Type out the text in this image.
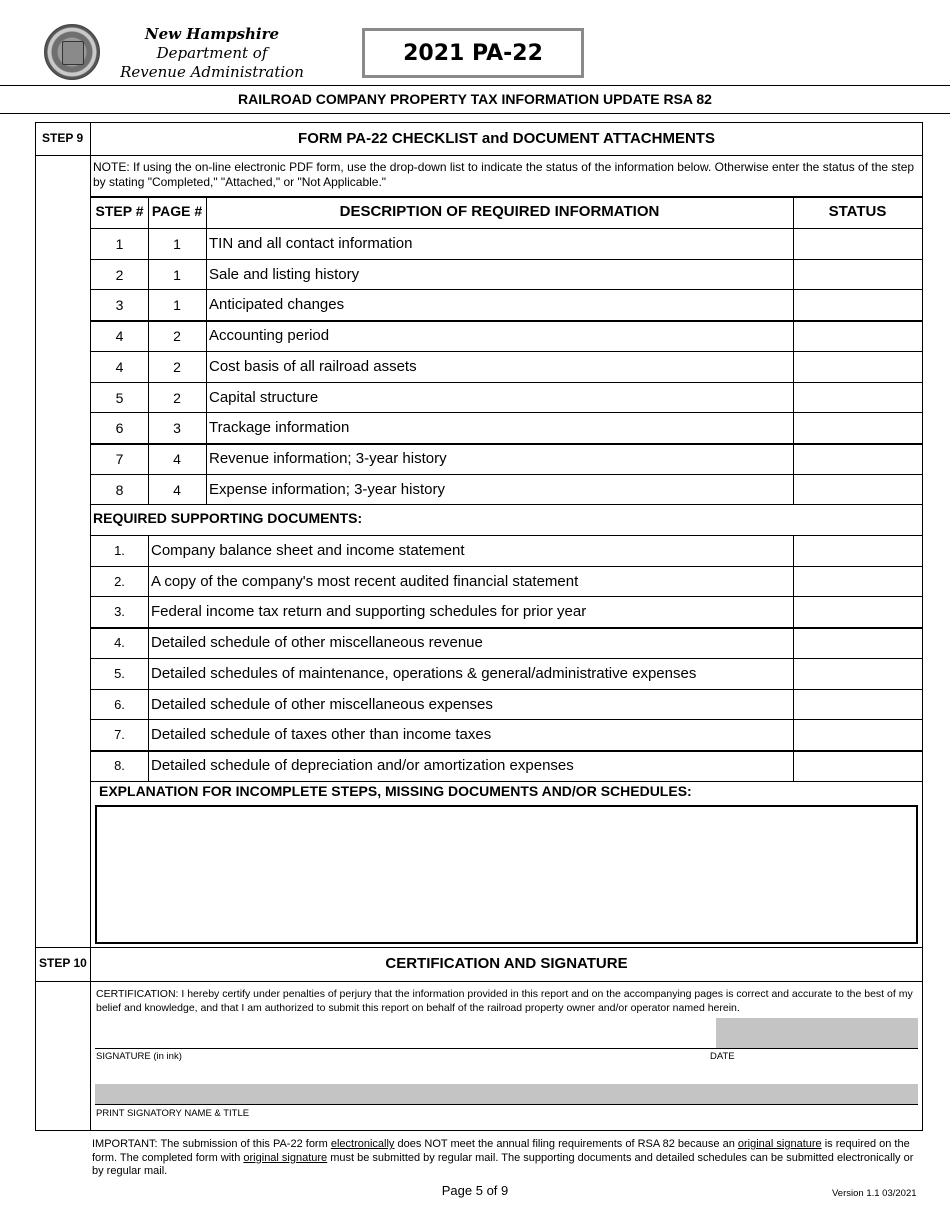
New Hampshire
Department of
Revenue Administration
2021 PA-22
RAILROAD COMPANY PROPERTY TAX INFORMATION UPDATE RSA 82
STEP 9	FORM PA-22 CHECKLIST and DOCUMENT ATTACHMENTS
NOTE: If using the on-line electronic PDF form, use the drop-down list to indicate the status of the information below. Otherwise enter the status of the step by stating "Completed," "Attached," or "Not Applicable."
STEP # PAGE #	DESCRIPTION OF REQUIRED INFORMATION	STATUS
1	1	TIN and all contact information
2	1	Sale and listing history
3	1	Anticipated changes
4	2	Accounting period
4	2	Cost basis of all railroad assets
5	2	Capital structure
6	3	Trackage information
7	4	Revenue information; 3-year history
8	4	Expense information; 3-year history
1.	Company balance sheet and income statement
2.	A copy of the company's most recent audited financial statement
3.	Federal income tax return and supporting schedules for prior year
4.	Detailed schedule of other miscellaneous revenue
5.	Detailed schedules of maintenance, operations & general/administrative expenses
6.	Detailed schedule of other miscellaneous expenses
7.	Detailed schedule of taxes other than income taxes
8.	Detailed schedule of depreciation and/or amortization expenses
REQUIRED SUPPORTING DOCUMENTS:
EXPLANATION FOR INCOMPLETE STEPS, MISSING DOCUMENTS AND/OR SCHEDULES:
STEP 10	CERTIFICATION AND SIGNATURE
CERTIFICATION: I hereby certify under penalties of perjury that the information provided in this report and on the accompanying pages is correct and accurate to the best of my belief and knowledge, and that I am authorized to submit this report on behalf of the railroad property owner and/or operator named herein.
SIGNATURE (in ink)	DATE
PRINT SIGNATORY NAME & TITLE
IMPORTANT: The submission of this PA-22 form electronically does NOT meet the annual filing requirements of RSA 82 because an original signature is required on the form. The completed form with original signature must be submitted by regular mail. The supporting documents and detailed schedules can be submitted electronically or by regular mail.
Page 5 of 9	Version 1.1 03/2021
